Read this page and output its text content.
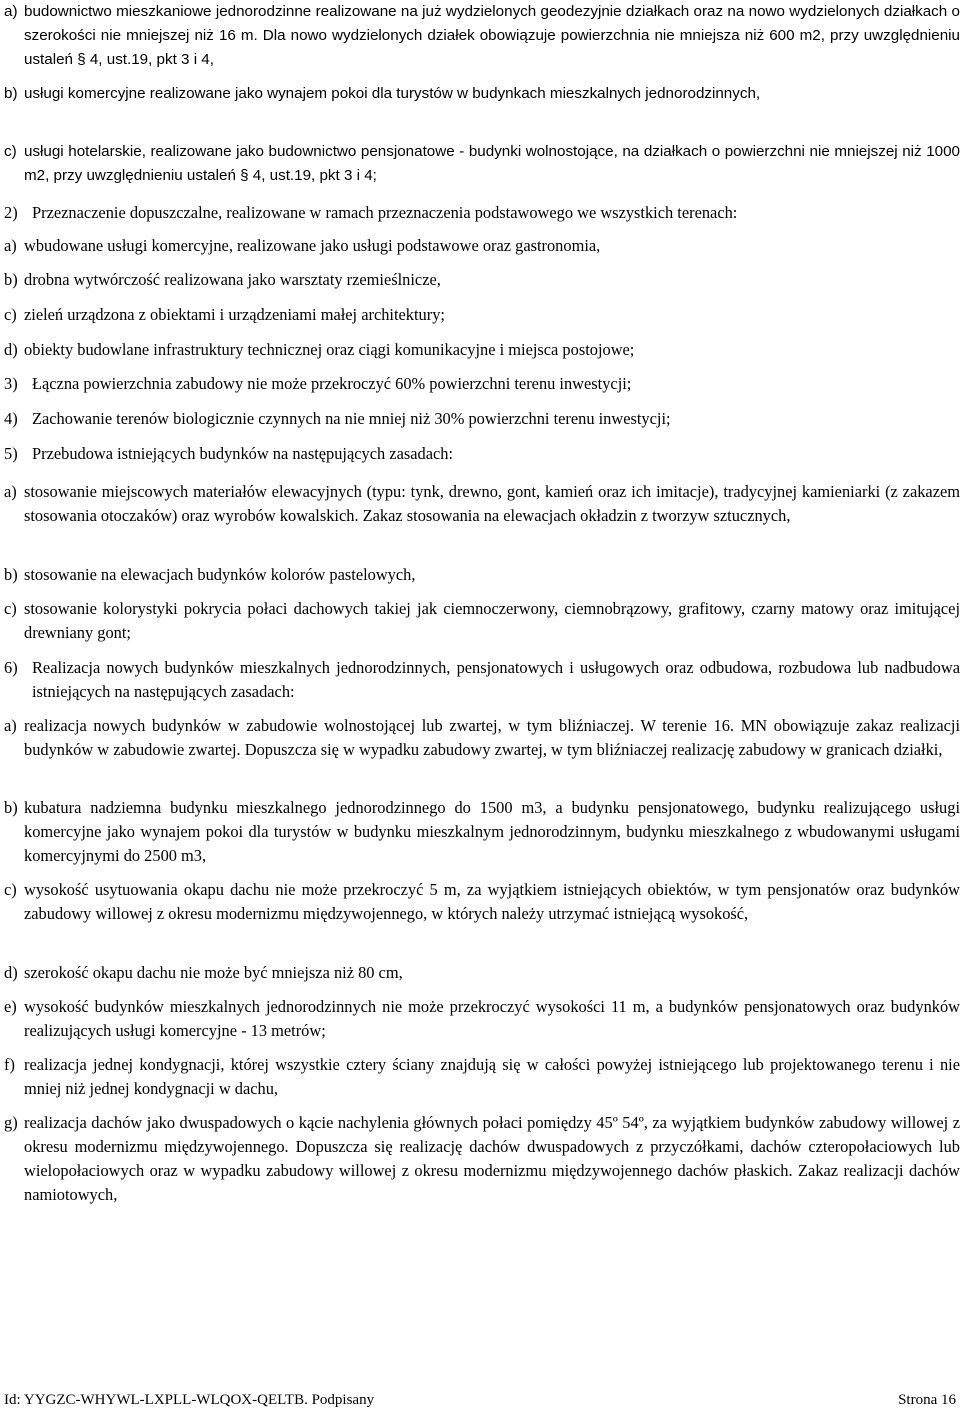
a) budownictwo mieszkaniowe jednorodzinne realizowane na już wydzielonych geodezyjnie działkach oraz na nowo wydzielonych działkach o szerokości nie mniejszej niż 16 m. Dla nowo wydzielonych działek obowiązuje powierzchnia nie mniejsza niż 600 m2, przy uwzględnieniu ustaleń § 4, ust.19, pkt 3 i 4,
b) usługi komercyjne realizowane jako wynajem pokoi dla turystów w budynkach mieszkalnych jednorodzinnych,
c) usługi hotelarskie, realizowane jako budownictwo pensjonatowe - budynki wolnostojące, na działkach o powierzchni nie mniejszej niż 1000 m2, przy uwzględnieniu ustaleń § 4, ust.19, pkt 3 i 4;
2) Przeznaczenie dopuszczalne, realizowane w ramach przeznaczenia podstawowego we wszystkich terenach:
a) wbudowane usługi komercyjne, realizowane jako usługi podstawowe oraz gastronomia,
b) drobna wytwórczość realizowana jako warsztaty rzemieślnicze,
c) zieleń urządzona z obiektami i urządzeniami małej architektury;
d) obiekty budowlane infrastruktury technicznej oraz ciągi komunikacyjne i miejsca postojowe;
3) Łączna powierzchnia zabudowy nie może przekroczyć 60% powierzchni terenu inwestycji;
4) Zachowanie terenów biologicznie czynnych na nie mniej niż 30% powierzchni terenu inwestycji;
5) Przebudowa istniejących budynków na następujących zasadach:
a) stosowanie miejscowych materiałów elewacyjnych (typu: tynk, drewno, gont, kamień oraz ich imitacje), tradycyjnej kamieniarki (z zakazem stosowania otoczaków) oraz wyrobów kowalskich. Zakaz stosowania na elewacjach okładzin z tworzyw sztucznych,
b) stosowanie na elewacjach budynków kolorów pastelowych,
c) stosowanie kolorystyki pokrycia połaci dachowych takiej jak ciemnoczerwony, ciemnobrązowy, grafitowy, czarny matowy oraz imitującej drewniany gont;
6) Realizacja nowych budynków mieszkalnych jednorodzinnych, pensjonatowych i usługowych oraz odbudowa, rozbudowa lub nadbudowa istniejących na następujących zasadach:
a) realizacja nowych budynków w zabudowie wolnostojącej lub zwartej, w tym bliźniaczej. W terenie 16. MN obowiązuje zakaz realizacji budynków w zabudowie zwartej. Dopuszcza się w wypadku zabudowy zwartej, w tym bliźniaczej realizację zabudowy w granicach działki,
b) kubatura nadziemna budynku mieszkalnego jednorodzinnego do 1500 m3, a budynku pensjonatowego, budynku realizującego usługi komercyjne jako wynajem pokoi dla turystów w budynku mieszkalnym jednorodzinnym, budynku mieszkalnego z wbudowanymi usługami komercyjnymi do 2500 m3,
c) wysokość usytuowania okapu dachu nie może przekroczyć 5 m, za wyjątkiem istniejących obiektów, w tym pensjonatów oraz budynków zabudowy willowej z okresu modernizmu międzywojennego, w których należy utrzymać istniejącą wysokość,
d) szerokość okapu dachu nie może być mniejsza niż 80 cm,
e) wysokość budynków mieszkalnych jednorodzinnych nie może przekroczyć wysokości 11 m, a budynków pensjonatowych oraz budynków realizujących usługi komercyjne - 13 metrów;
f) realizacja jednej kondygnacji, której wszystkie cztery ściany znajdują się w całości powyżej istniejącego lub projektowanego terenu i nie mniej niż jednej kondygnacji w dachu,
g) realizacja dachów jako dwuspadowych o kącie nachylenia głównych połaci pomiędzy 45º 54º, za wyjątkiem budynków zabudowy willowej z okresu modernizmu międzywojennego. Dopuszcza się realizację dachów dwuspadowych z przyczółkami, dachów czteropołaciowych lub wielopołaciowych oraz w wypadku zabudowy willowej z okresu modernizmu międzywojennego dachów płaskich. Zakaz realizacji dachów namiotowych,
Id: YYGZC-WHYWL-LXPLL-WLQOX-QELTB. Podpisany	Strona 16
